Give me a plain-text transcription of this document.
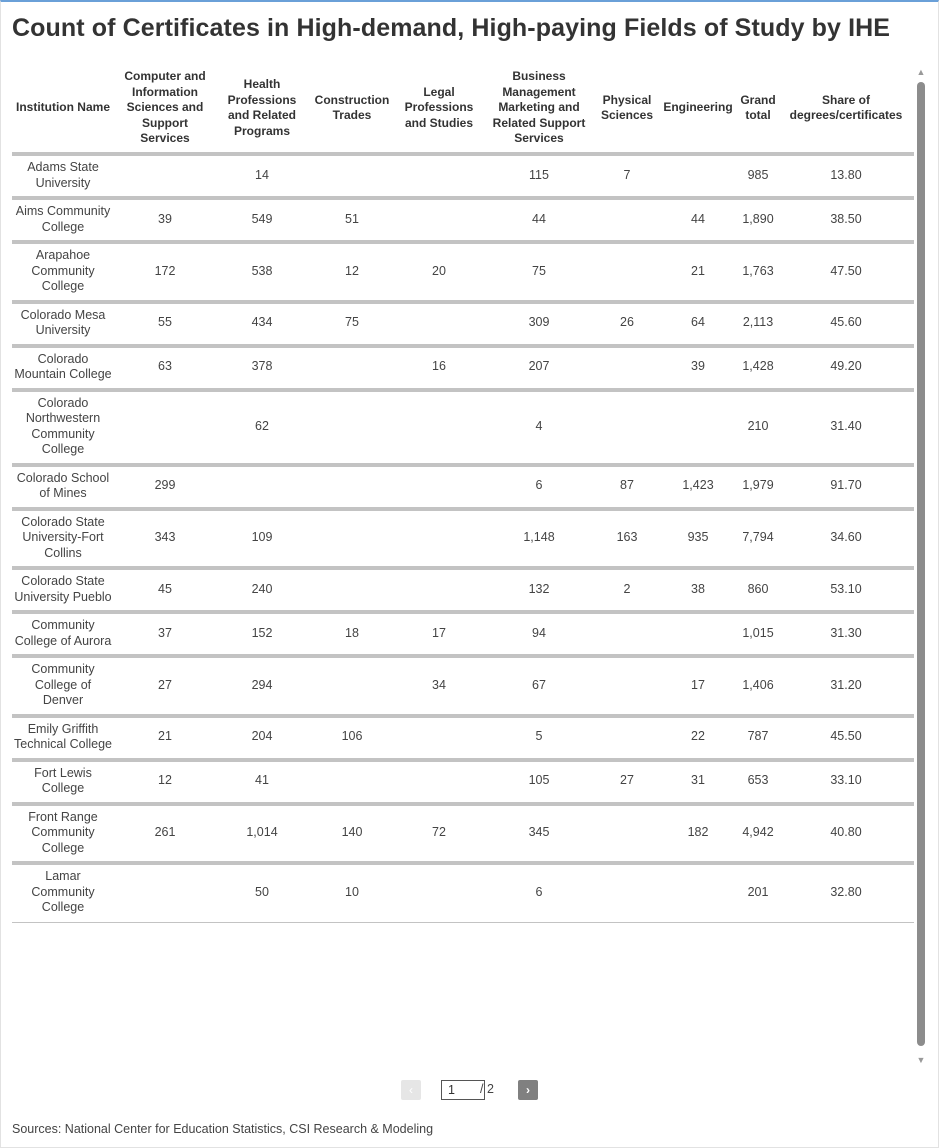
Count of Certificates in High-demand, High-paying Fields of Study by IHE
Institution Name	Computer and Information Sciences and Support Services	Health Professions and Related Programs	Construction Trades	Legal Professions and Studies	Business Management Marketing and Related Support Services	Physical Sciences	Engineering	Grand total	Share of degrees/certificates
Adams State University		14			115	7		985	13.80
Aims Community College	39	549	51		44		44	1,890	38.50
Arapahoe Community College	172	538	12	20	75		21	1,763	47.50
Colorado Mesa University	55	434	75		309	26	64	2,113	45.60
Colorado Mountain College	63	378		16	207		39	1,428	49.20
Colorado Northwestern Community College		62			4			210	31.40
Colorado School of Mines	299				6	87	1,423	1,979	91.70
Colorado State University-Fort Collins	343	109			1,148	163	935	7,794	34.60
Colorado State University Pueblo	45	240			132	2	38	860	53.10
Community College of Aurora	37	152	18	17	94			1,015	31.30
Community College of Denver	27	294		34	67		17	1,406	31.20
Emily Griffith Technical College	21	204	106		5		22	787	45.50
Fort Lewis College	12	41			105	27	31	653	33.10
Front Range Community College	261	1,014	140	72	345		182	4,942	40.80
Lamar Community College		50	10		6			201	32.80
▲
▼
‹	1	/ 2	›
Sources: National Center for Education Statistics, CSI Research & Modeling
